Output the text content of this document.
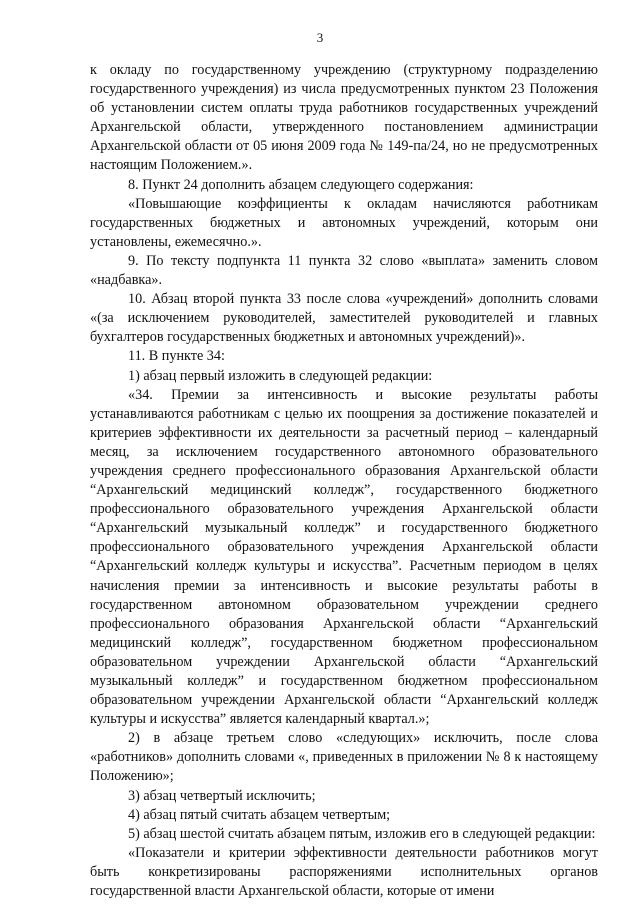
3

к окладу по государственному учреждению (структурному подразделению государственного учреждения) из числа предусмотренных пунктом 23 Положения об установлении систем оплаты труда работников государственных учреждений Архангельской области, утвержденного постановлением администрации Архангельской области от 05 июня 2009 года № 149-па/24, но не предусмотренных настоящим Положением.».

8. Пункт 24 дополнить абзацем следующего содержания:

«Повышающие коэффициенты к окладам начисляются работникам государственных бюджетных и автономных учреждений, которым они установлены, ежемесячно.».

9. По тексту подпункта 11 пункта 32 слово «выплата» заменить словом «надбавка».

10. Абзац второй пункта 33 после слова «учреждений» дополнить словами «(за исключением руководителей, заместителей руководителей и главных бухгалтеров государственных бюджетных и автономных учреждений)».

11. В пункте 34:

1) абзац первый изложить в следующей редакции:

«34. Премии за интенсивность и высокие результаты работы устанавливаются работникам с целью их поощрения за достижение показателей и критериев эффективности их деятельности за расчетный период – календарный месяц, за исключением государственного автономного образовательного учреждения среднего профессионального образования Архангельской области “Архангельский медицинский колледж”, государственного бюджетного профессионального образовательного учреждения Архангельской области “Архангельский музыкальный колледж” и государственного бюджетного профессионального образовательного учреждения Архангельской области “Архангельский колледж культуры и искусства”. Расчетным периодом в целях начисления премии за интенсивность и высокие результаты работы в государственном автономном образовательном учреждении среднего профессионального образования Архангельской области “Архангельский медицинский колледж”, государственном бюджетном профессиональном образовательном учреждении Архангельской области “Архангельский музыкальный колледж” и государственном бюджетном профессиональном образовательном учреждении Архангельской области “Архангельский колледж культуры и искусства” является календарный квартал.»;

2) в абзаце третьем слово «следующих» исключить, после слова «работников» дополнить словами «, приведенных в приложении № 8 к настоящему Положению»;

3) абзац четвертый исключить;

4) абзац пятый считать абзацем четвертым;

5) абзац шестой считать абзацем пятым, изложив его в следующей редакции:

«Показатели и критерии эффективности деятельности работников могут быть конкретизированы распоряжениями исполнительных органов государственной власти Архангельской области, которые от имени
